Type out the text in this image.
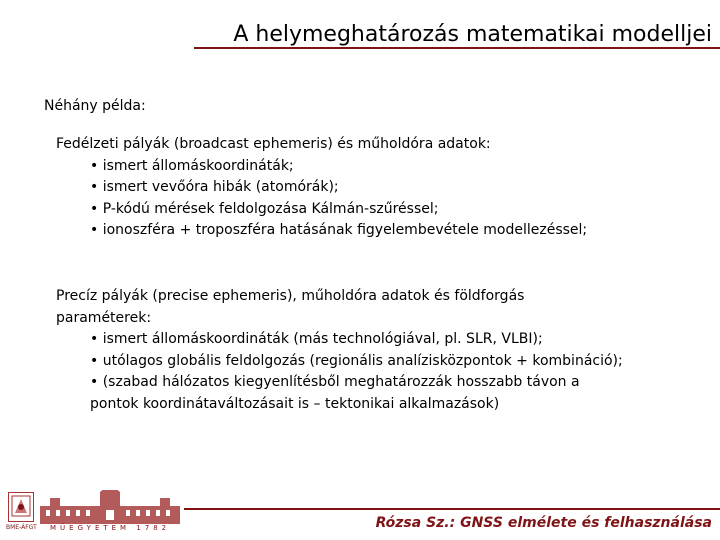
A helymeghatározás matematikai modelljei
Néhány példa:
Fedélzeti pályák (broadcast ephemeris) és műholdóra adatok:
• ismert állomáskoordináták;
• ismert vevőóra hibák (atomórák);
• P-kódú mérések feldolgozása Kálmán-szűréssel;
• ionoszféra + troposzféra hatásának figyelembevétele modellezéssel;
Precíz pályák (precise ephemeris), műholdóra adatok és földforgás
paraméterek:
• ismert állomáskoordináták (más technológiával, pl. SLR, VLBI);
• utólagos globális feldolgozás (regionális analízisközpontok + kombináció);
• (szabad hálózatos kiegyenlítésből meghatározzák hosszabb távon a
pontok koordinátaváltozásait is – tektonikai alkalmazások)
BME-ÁFGT MŰEGYETEM 1782	Rózsa Sz.: GNSS elmélete és felhasználása
